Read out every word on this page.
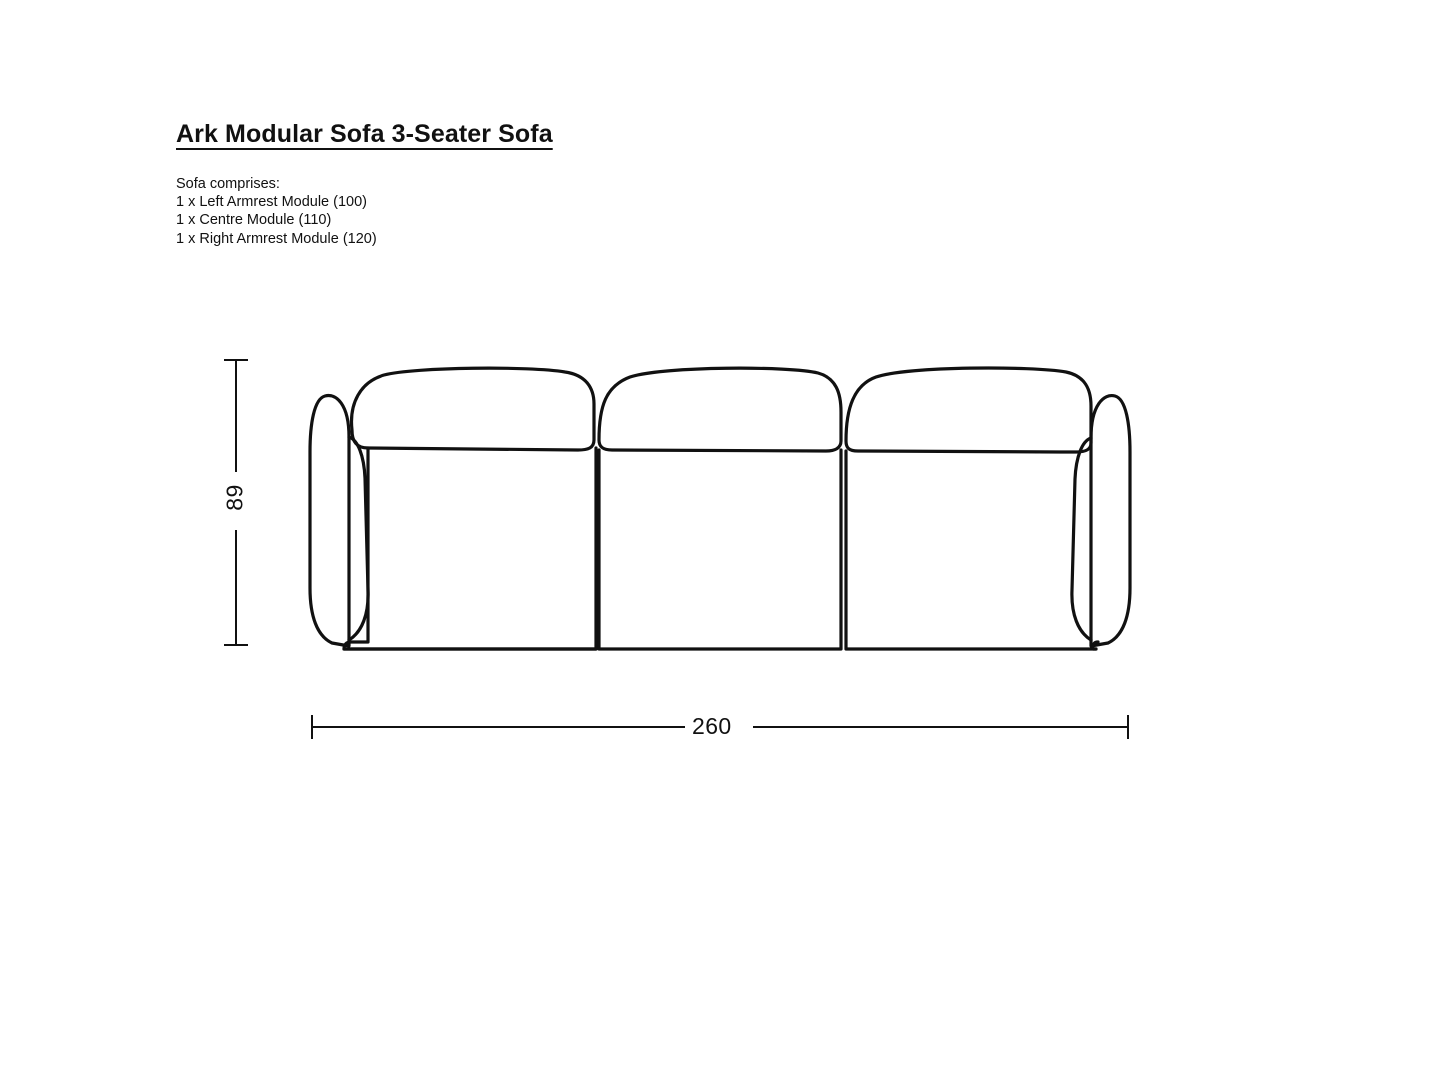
Ark Modular Sofa 3-Seater Sofa
Sofa comprises:
1 x Left Armrest Module (100)
1 x Centre Module (110)
1 x Right Armrest Module (120)
89
260
